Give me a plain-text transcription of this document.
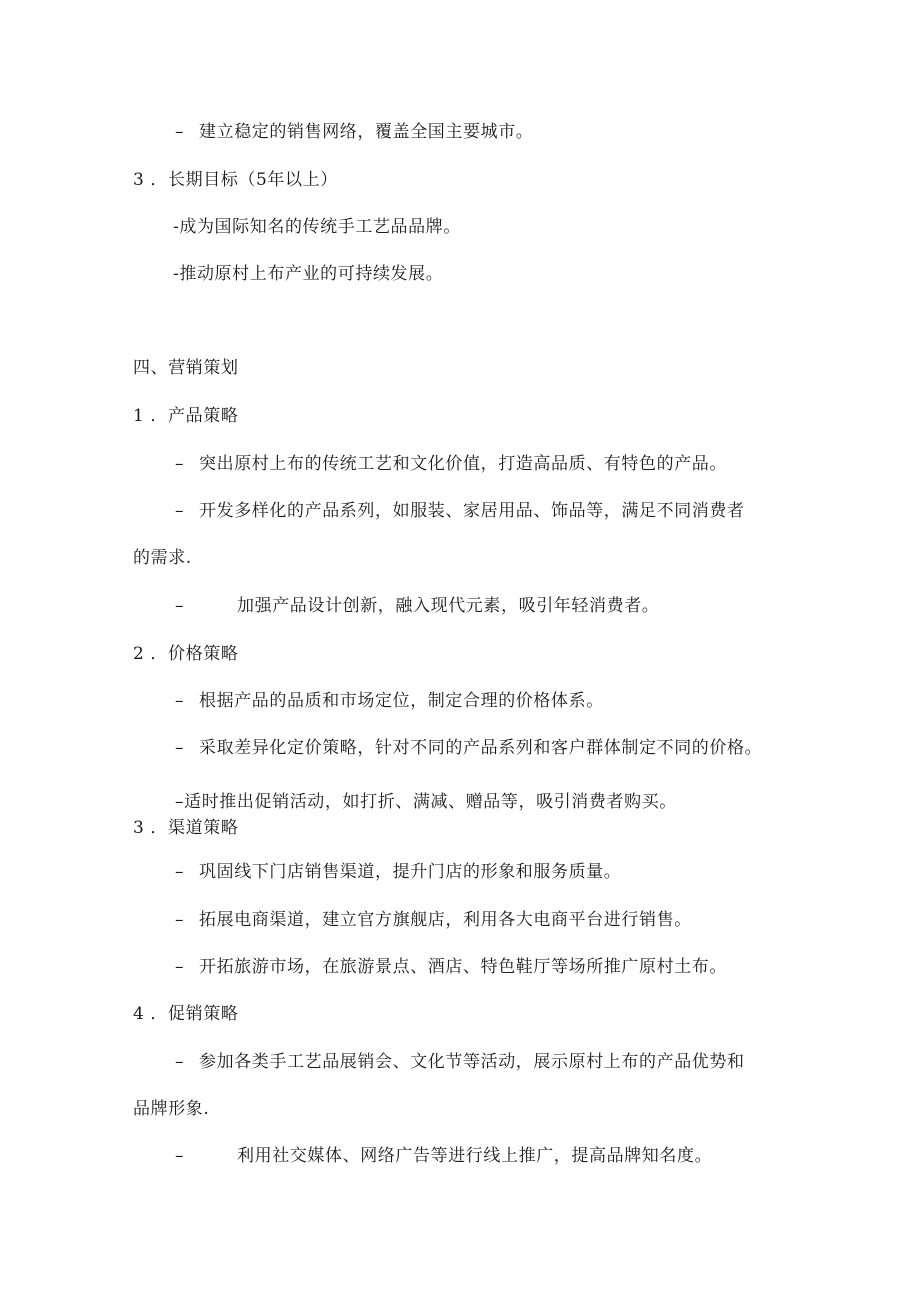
– 建立稳定的销售网络，覆盖全国主要城市。
3 ．长期目标（5年以上）
-成为国际知名的传统手工艺品品牌。
-推动原村上布产业的可持续发展。
四、营销策划
1 ．产品策略
– 突出原村上布的传统工艺和文化价值，打造高品质、有特色的产品。
– 开发多样化的产品系列，如服装、家居用品、饰品等，满足不同消费者
的需求.
–	加强产品设计创新，融入现代元素，吸引年轻消费者。
2 ．价格策略
– 根据产品的品质和市场定位，制定合理的价格体系。
– 采取差异化定价策略，针对不同的产品系列和客户群体制定不同的价格。
–适时推出促销活动，如打折、满减、赠品等，吸引消费者购买。
3 ．渠道策略
– 巩固线下门店销售渠道，提升门店的形象和服务质量。
– 拓展电商渠道，建立官方旗舰店，利用各大电商平台进行销售。
– 开拓旅游市场，在旅游景点、酒店、特色鞋厅等场所推广原村土布。
4 ．促销策略
– 参加各类手工艺品展销会、文化节等活动，展示原村上布的产品优势和
品牌形象.
–	利用社交媒体、网络广告等进行线上推广，提高品牌知名度。
